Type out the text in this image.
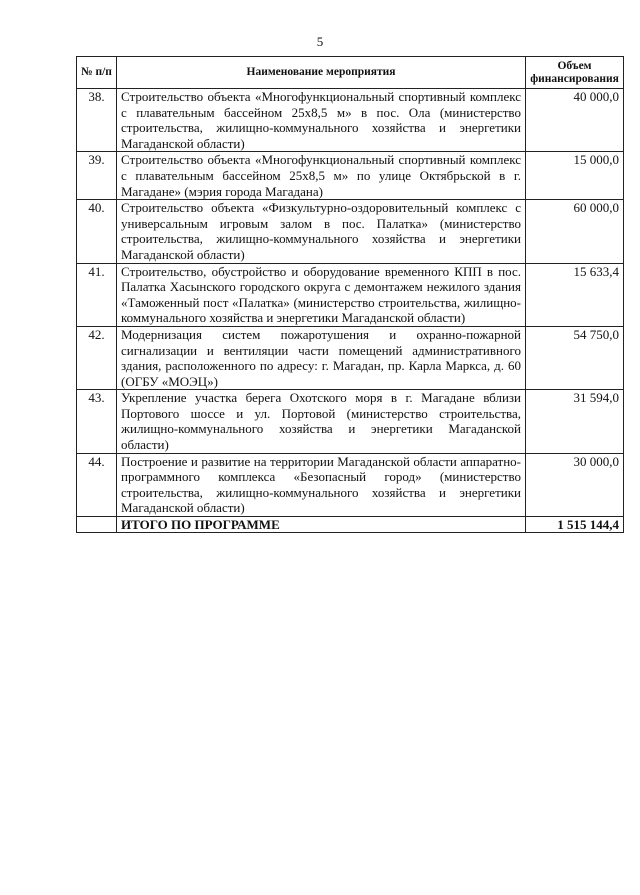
5
№ п/п	Наименование мероприятия	Объем финансирования
38.	Строительство объекта «Многофункциональный спортивный комплекс с плавательным бассейном 25х8,5 м» в пос. Ола (министерство строительства, жилищно-коммунального хозяйства и энергетики Магаданской области)	40 000,0
39.	Строительство объекта «Многофункциональный спортивный комплекс с плавательным бассейном 25х8,5 м» по улице Октябрьской в г. Магадане» (мэрия города Магадана)	15 000,0
40.	Строительство объекта «Физкультурно-оздоровительный комплекс с универсальным игровым залом в пос. Палатка» (министерство строительства, жилищно-коммунального хозяйства и энергетики Магаданской области)	60 000,0
41.	Строительство, обустройство и оборудование временного КПП в пос. Палатка Хасынского городского округа с демонтажем нежилого здания «Таможенный пост «Палатка» (министерство строительства, жилищно-коммунального хозяйства и энергетики Магаданской области)	15 633,4
42.	Модернизация систем пожаротушения и охранно-пожарной сигнализации и вентиляции части помещений административного здания, расположенного по адресу: г. Магадан, пр. Карла Маркса, д. 60 (ОГБУ «МОЭЦ»)	54 750,0
43.	Укрепление участка берега Охотского моря в г. Магадане вблизи Портового шоссе и ул. Портовой (министерство строительства, жилищно-коммунального хозяйства и энергетики Магаданской области)	31 594,0
44.	Построение и развитие на территории Магаданской области аппаратно-программного комплекса «Безопасный город» (министерство строительства, жилищно-коммунального хозяйства и энергетики Магаданской области)	30 000,0
	ИТОГО ПО ПРОГРАММЕ	1 515 144,4
